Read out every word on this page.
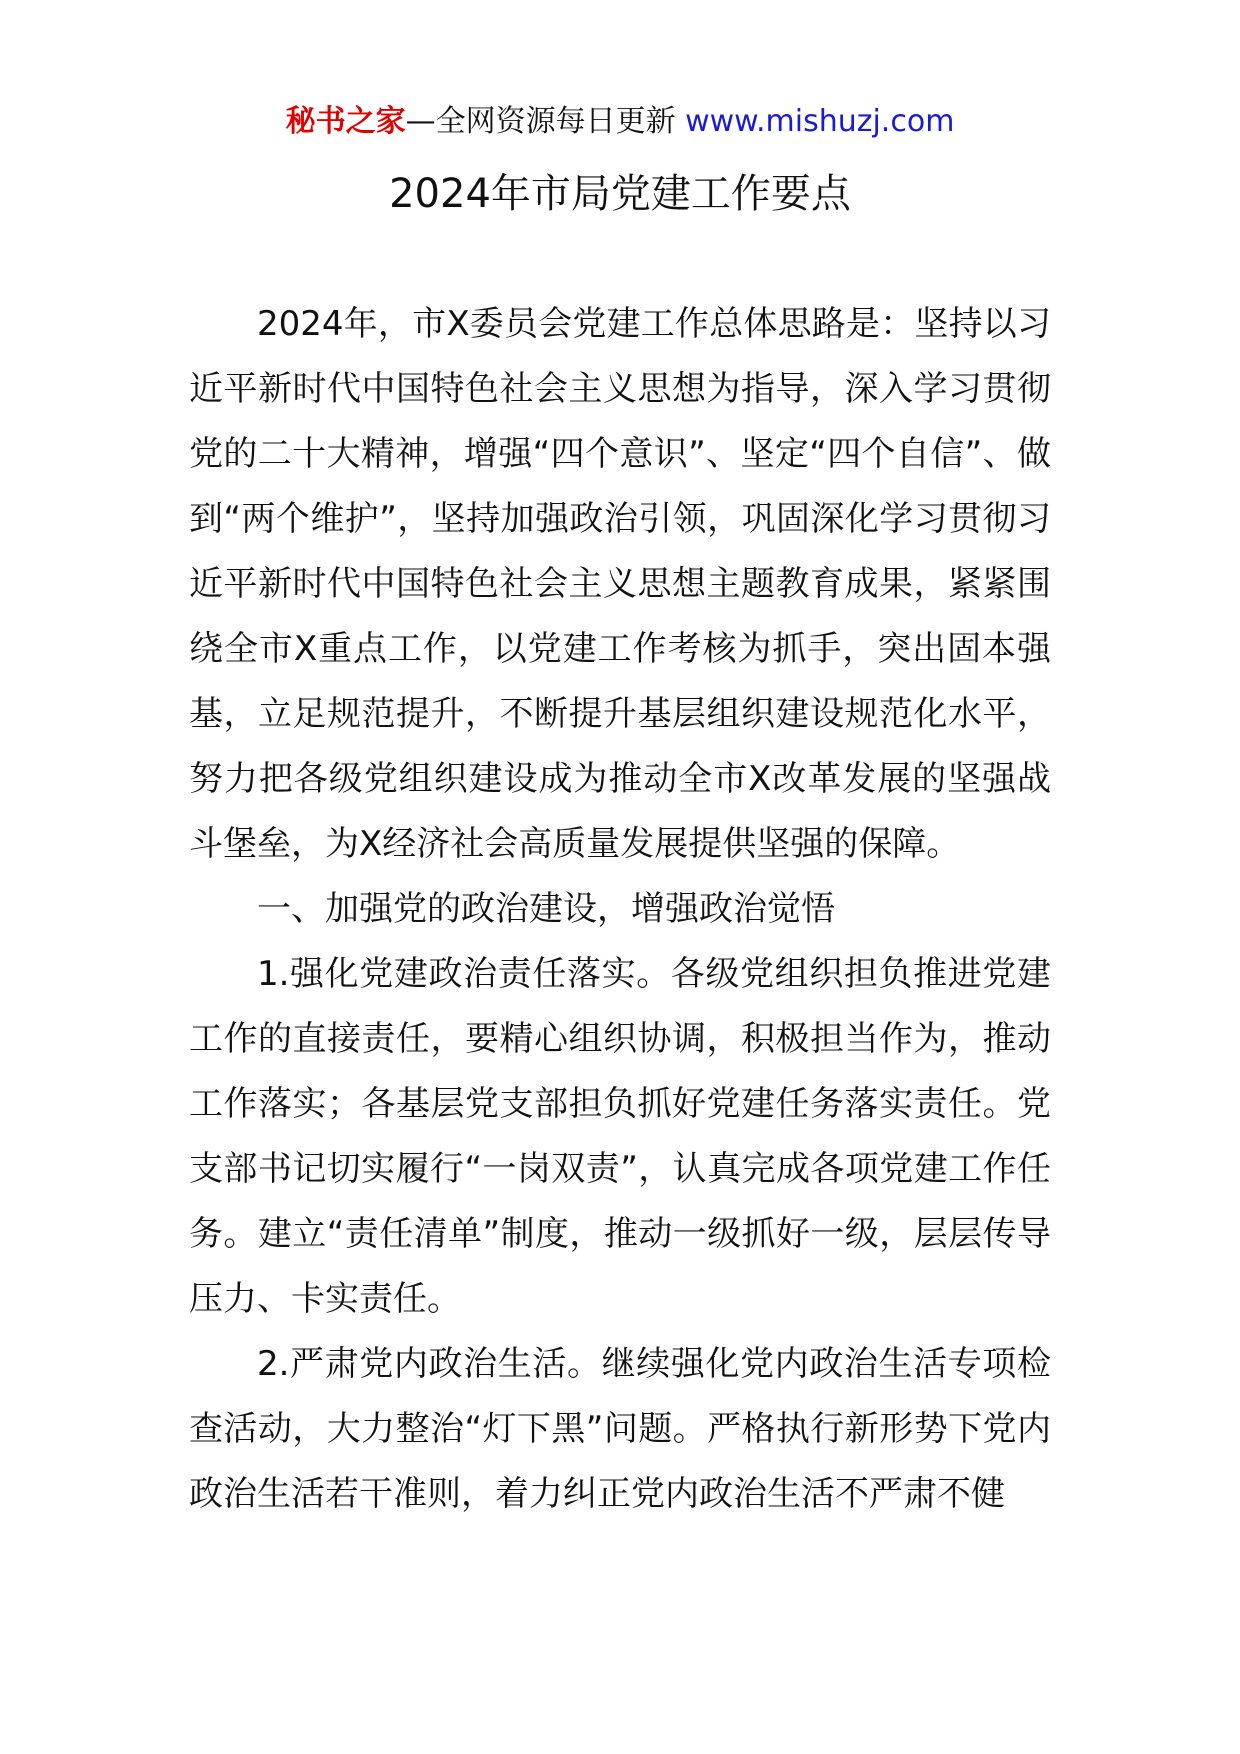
秘书之家—全网资源每日更新 www.mishuzj.com
2024年市局党建工作要点

2024年，市X委员会党建工作总体思路是：坚持以习近平新时代中国特色社会主义思想为指导，深入学习贯彻党的二十大精神，增强“四个意识”、坚定“四个自信”、做到“两个维护”，坚持加强政治引领，巩固深化学习贯彻习近平新时代中国特色社会主义思想主题教育成果，紧紧围绕全市X重点工作，以党建工作考核为抓手，突出固本强基，立足规范提升，不断提升基层组织建设规范化水平，努力把各级党组织建设成为推动全市X改革发展的坚强战斗堡垒，为X经济社会高质量发展提供坚强的保障。

一、加强党的政治建设，增强政治觉悟

1.强化党建政治责任落实。各级党组织担负推进党建工作的直接责任，要精心组织协调，积极担当作为，推动工作落实；各基层党支部担负抓好党建任务落实责任。党支部书记切实履行“一岗双责”，认真完成各项党建工作任务。建立“责任清单”制度，推动一级抓好一级，层层传导压力、卡实责任。

2.严肃党内政治生活。继续强化党内政治生活专项检查活动，大力整治“灯下黑”问题。严格执行新形势下党内政治生活若干准则，着力纠正党内政治生活不严肃不健
